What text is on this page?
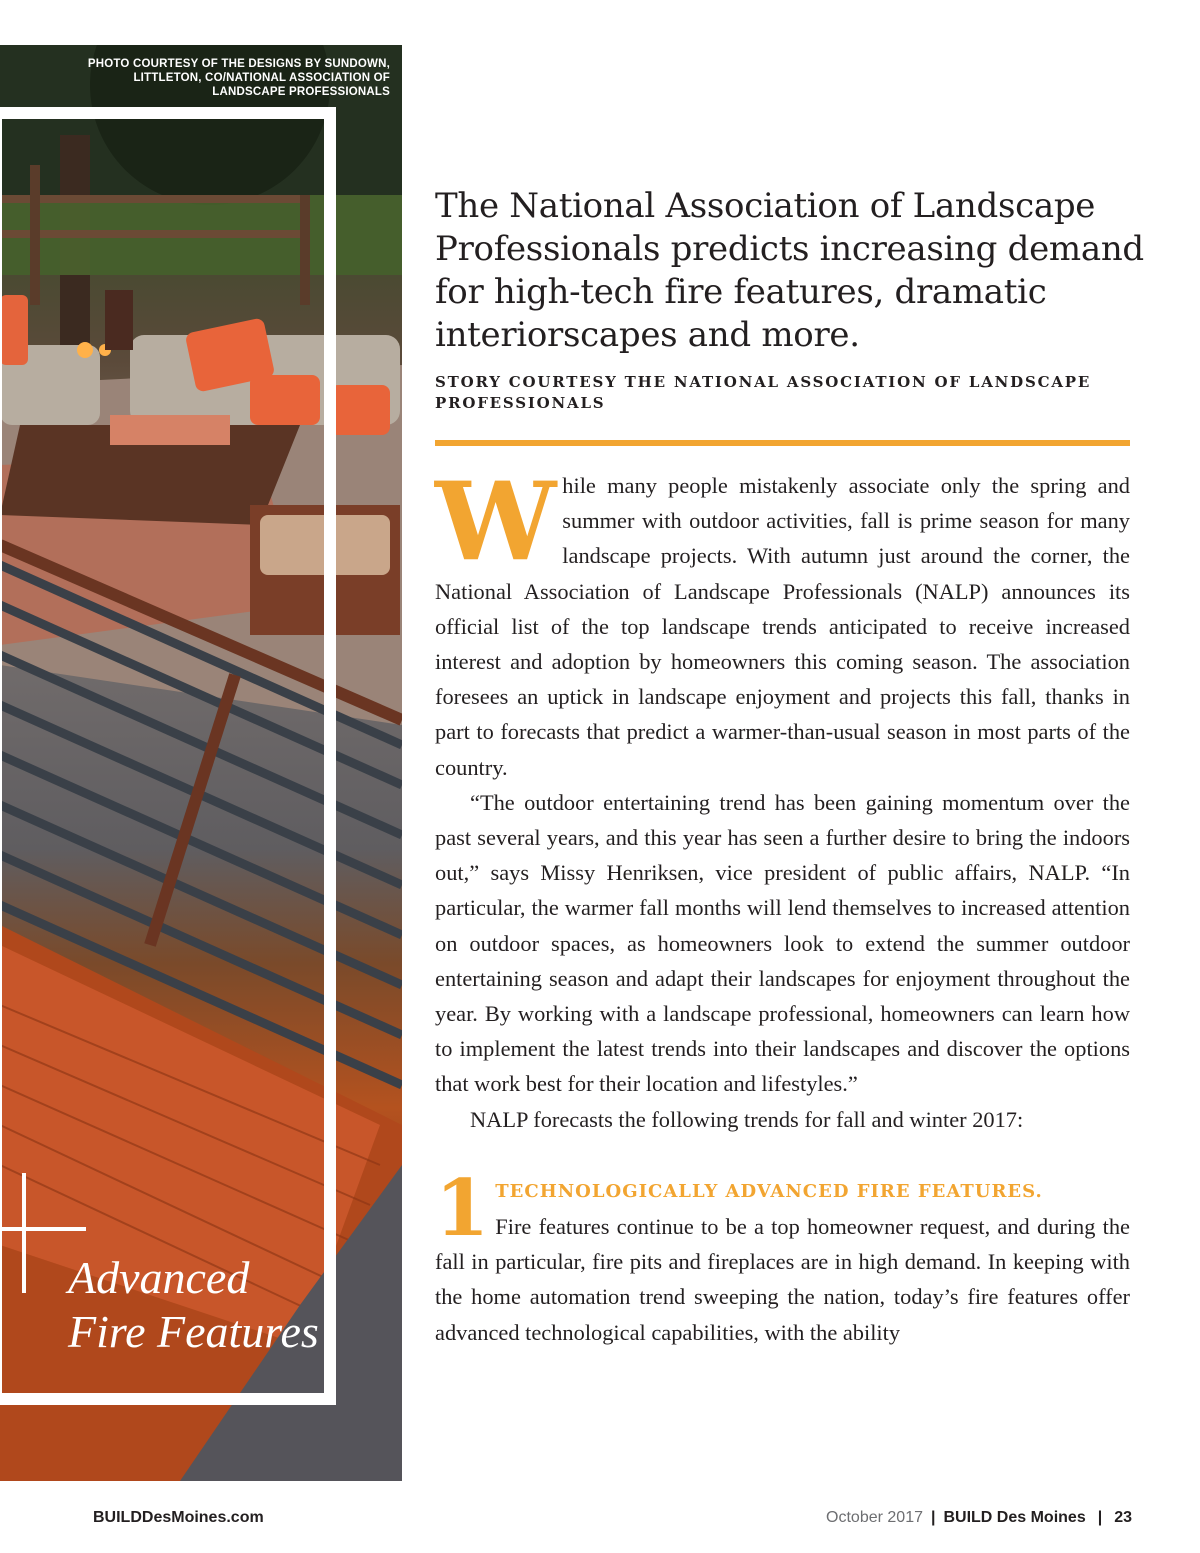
PHOTO COURTESY OF THE DESIGNS BY SUNDOWN, LITTLETON, CO/NATIONAL ASSOCIATION OF LANDSCAPE PROFESSIONALS
Advanced
Fire Features
The National Association of Landscape Professionals predicts increasing demand for high-tech fire features, dramatic interiorscapes and more.
STORY COURTESY THE NATIONAL ASSOCIATION OF LANDSCAPE PROFESSIONALS

While many people mistakenly associate only the spring and summer with outdoor activities, fall is prime season for many landscape projects. With autumn just around the corner, the National Association of Landscape Professionals (NALP) announces its official list of the top landscape trends anticipated to receive increased interest and adoption by homeowners this coming season. The association foresees an uptick in landscape enjoyment and projects this fall, thanks in part to forecasts that predict a warmer-than-usual season in most parts of the country.

“The outdoor entertaining trend has been gaining momentum over the past several years, and this year has seen a further desire to bring the indoors out,” says Missy Henriksen, vice president of public affairs, NALP. “In particular, the warmer fall months will lend themselves to increased attention on outdoor spaces, as homeowners look to extend the summer outdoor entertaining season and adapt their landscapes for enjoyment throughout the year. By working with a landscape professional, homeowners can learn how to implement the latest trends into their landscapes and discover the options that work best for their location and lifestyles.”

NALP forecasts the following trends for fall and winter 2017:

1 TECHNOLOGICALLY ADVANCED FIRE FEATURES.
Fire features continue to be a top homeowner request, and during the fall in particular, fire pits and fireplaces are in high demand. In keeping with the home automation trend sweeping the nation, today’s fire features offer advanced technological capabilities, with the ability

BUILDDesMoines.com	October 2017 | BUILD Des Moines | 23
